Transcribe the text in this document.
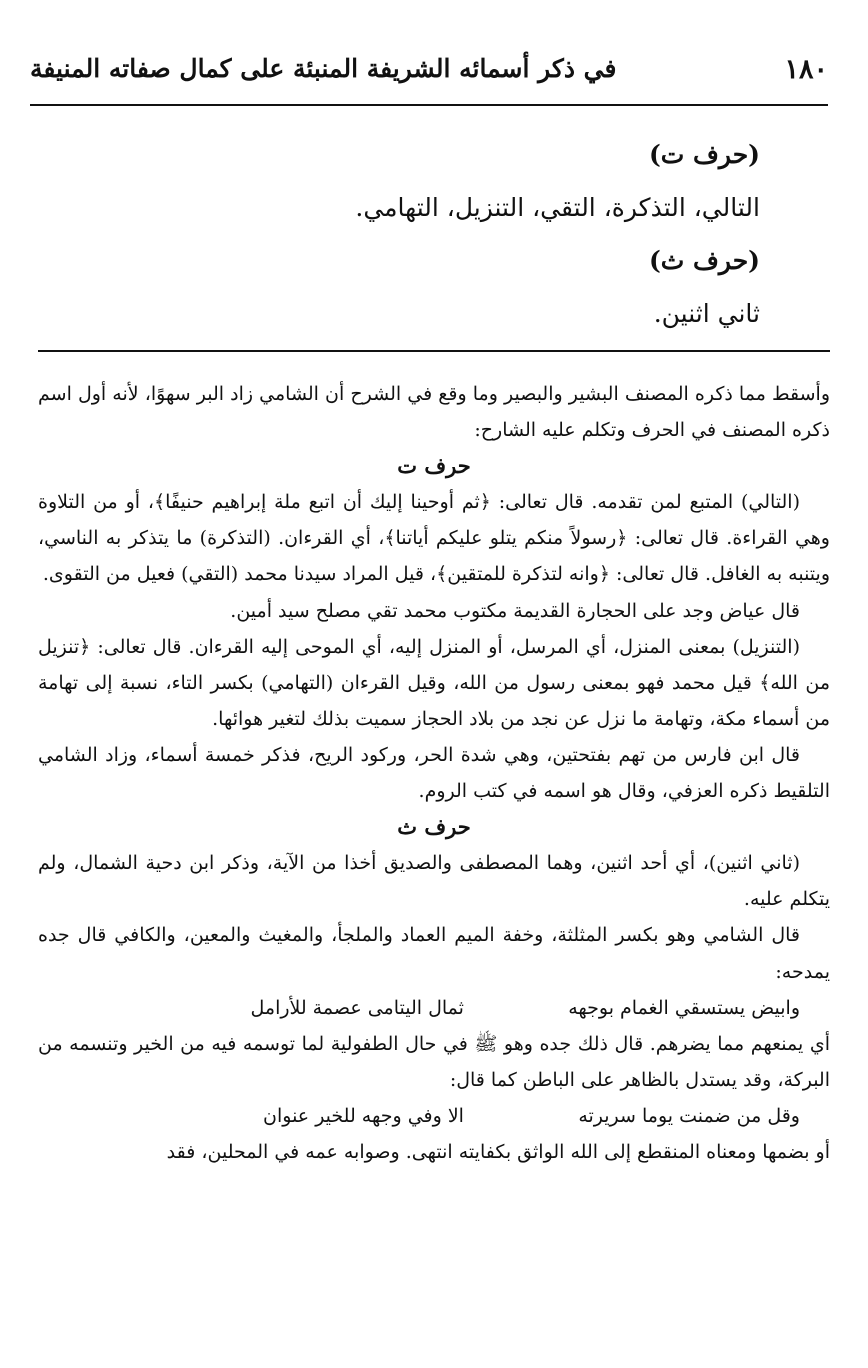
١٨٠
في ذكر أسمائه الشريفة المنبئة على كمال صفاته المنيفة
(حرف ت)
التالي، التذكرة، التقي، التنزيل، التهامي.
(حرف ث)
ثاني اثنين.

وأسقط مما ذكره المصنف البشير والبصير وما وقع في الشرح أن الشامي زاد البر سهوًا، لأنه أول اسم ذكره المصنف في الحرف وتكلم عليه الشارح:

حرف ت

(التالي) المتبع لمن تقدمه. قال تعالى: ﴿ثم أوحينا إليك أن اتبع ملة إبراهيم حنيفًا﴾، أو من التلاوة وهي القراءة. قال تعالى: ﴿رسولاً منكم يتلو عليكم أياتنا﴾، أي القرءان. (التذكرة) ما يتذكر به الناسي، ويتنبه به الغافل. قال تعالى: ﴿وانه لتذكرة للمتقين﴾، قيل المراد سيدنا محمد (التقي) فعيل من التقوى.

قال عياض وجد على الحجارة القديمة مكتوب محمد تقي مصلح سيد أمين.

(التنزيل) بمعنى المنزل، أي المرسل، أو المنزل إليه، أي الموحى إليه القرءان. قال تعالى: ﴿تنزيل من الله﴾ قيل محمد فهو بمعنى رسول من الله، وقيل القرءان (التهامي) بكسر التاء، نسبة إلى تهامة من أسماء مكة، وتهامة ما نزل عن نجد من بلاد الحجاز سميت بذلك لتغير هوائها.

قال ابن فارس من تهم بفتحتين، وهي شدة الحر، وركود الريح، فذكر خمسة أسماء، وزاد الشامي التلقيط ذكره العزفي، وقال هو اسمه في كتب الروم.

حرف ث

(ثاني اثنين)، أي أحد اثنين، وهما المصطفى والصديق أخذا من الآية، وذكر ابن دحية الشمال، ولم يتكلم عليه.

قال الشامي وهو بكسر المثلثة، وخفة الميم العماد والملجأ، والمغيث والمعين، والكافي قال جده يمدحه:

وابيض يستسقي الغمام بوجهه ثمال اليتامى عصمة للأرامل

أي يمنعهم مما يضرهم. قال ذلك جده وهو ﷺ في حال الطفولية لما توسمه فيه من الخير وتنسمه من البركة، وقد يستدل بالظاهر على الباطن كما قال:

وقل من ضمنت يوما سريرته الا وفي وجهه للخير عنوان

أو بضمها ومعناه المنقطع إلى الله الواثق بكفايته انتهى. وصوابه عمه في المحلين، فقد
